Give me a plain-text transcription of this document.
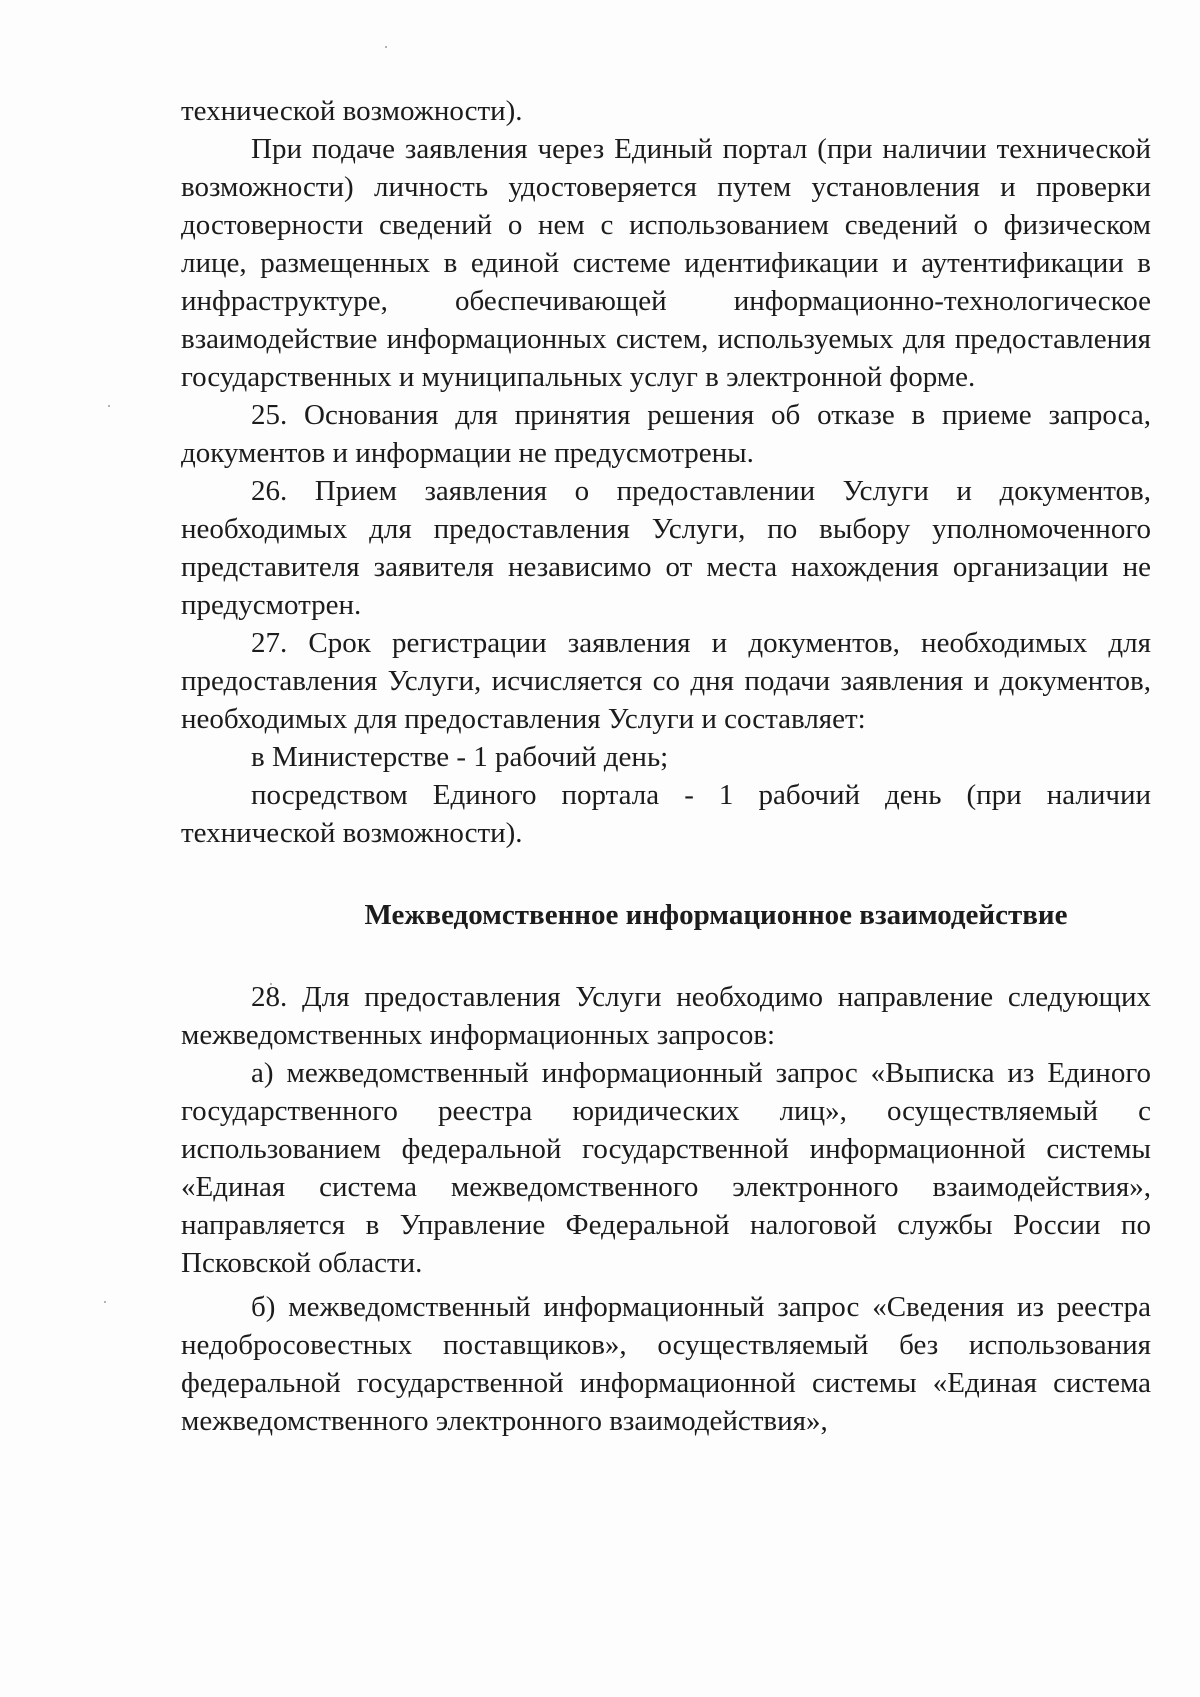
технической возможности).

При подаче заявления через Единый портал (при наличии технической возможности) личность удостоверяется путем установления и проверки достоверности сведений о нем с использованием сведений о физическом лице, размещенных в единой системе идентификации и аутентификации в инфраструктуре, обеспечивающей информационно-технологическое взаимодействие информационных систем, используемых для предоставления государственных и муниципальных услуг в электронной форме.

25. Основания для принятия решения об отказе в приеме запроса, документов и информации не предусмотрены.

26. Прием заявления о предоставлении Услуги и документов, необходимых для предоставления Услуги, по выбору уполномоченного представителя заявителя независимо от места нахождения организации не предусмотрен.

27. Срок регистрации заявления и документов, необходимых для предоставления Услуги, исчисляется со дня подачи заявления и документов, необходимых для предоставления Услуги и составляет:

в Министерстве - 1 рабочий день;

посредством Единого портала - 1 рабочий день (при наличии технической возможности).

Межведомственное информационное взаимодействие

28. Для предоставления Услуги необходимо направление следующих межведомственных информационных запросов:

а) межведомственный информационный запрос «Выписка из Единого государственного реестра юридических лиц», осуществляемый с использованием федеральной государственной информационной системы «Единая система межведомственного электронного взаимодействия», направляется в Управление Федеральной налоговой службы России по Псковской области.

б) межведомственный информационный запрос «Сведения из реестра недобросовестных поставщиков», осуществляемый без использования федеральной государственной информационной системы «Единая система межведомственного электронного взаимодействия»,
